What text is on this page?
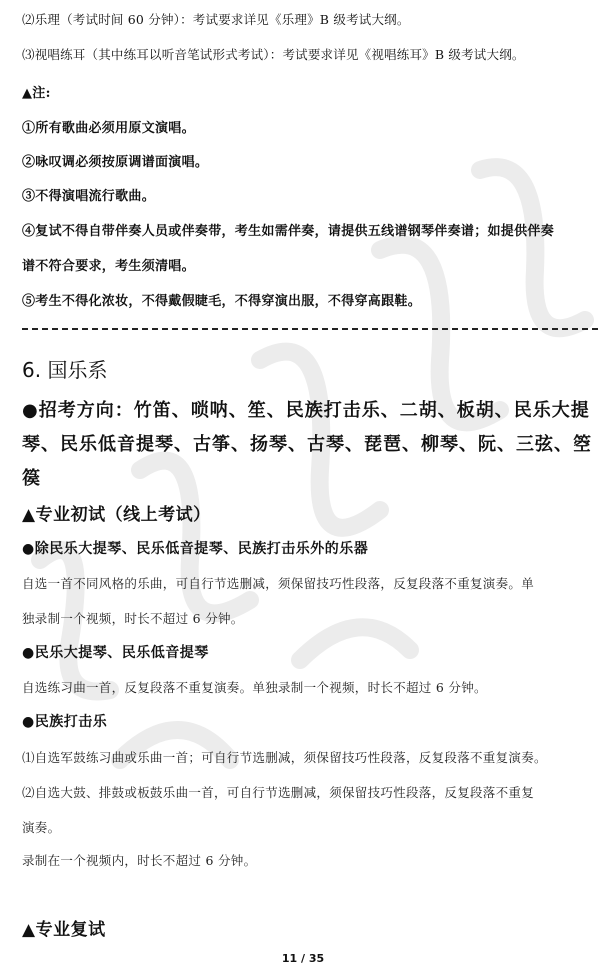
⑵乐理（考试时间 60 分钟）：考试要求详见《乐理》B 级考试大纲。
⑶视唱练耳（其中练耳以听音笔试形式考试）：考试要求详见《视唱练耳》B 级考试大纲。
▲注:
①所有歌曲必须用原文演唱。
②咏叹调必须按原调谱面演唱。
③不得演唱流行歌曲。
④复试不得自带伴奏人员或伴奏带，考生如需伴奏，请提供五线谱钢琴伴奏谱；如提供伴奏
谱不符合要求，考生须清唱。
⑤考生不得化浓妆，不得戴假睫毛，不得穿演出服，不得穿高跟鞋。
6. 国乐系
●招考方向：竹笛、唢呐、笙、民族打击乐、二胡、板胡、民乐大提
琴、民乐低音提琴、古筝、扬琴、古琴、琵琶、柳琴、阮、三弦、箜
篌
▲专业初试（线上考试）
●除民乐大提琴、民乐低音提琴、民族打击乐外的乐器
自选一首不同风格的乐曲，可自行节选删减，须保留技巧性段落，反复段落不重复演奏。单
独录制一个视频，时长不超过 6 分钟。
●民乐大提琴、民乐低音提琴
自选练习曲一首，反复段落不重复演奏。单独录制一个视频，时长不超过 6 分钟。
●民族打击乐
⑴自选军鼓练习曲或乐曲一首；可自行节选删减，须保留技巧性段落，反复段落不重复演奏。
⑵自选大鼓、排鼓或板鼓乐曲一首，可自行节选删减，须保留技巧性段落，反复段落不重复
演奏。
录制在一个视频内，时长不超过 6 分钟。
▲专业复试
11 / 35
